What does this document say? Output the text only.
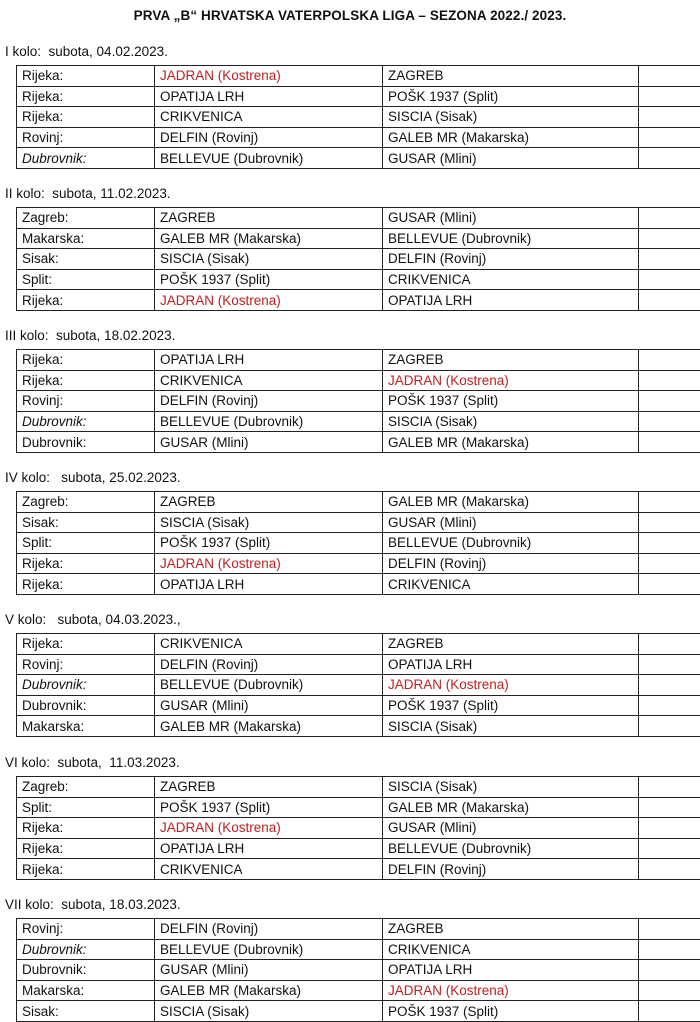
PRVA „B“ HRVATSKA VATERPOLSKA LIGA – SEZONA 2022./ 2023.
I kolo:  subota, 04.02.2023.
Rijeka:	JADRAN (Kostrena)	ZAGREB	
Rijeka:	OPATIJA LRH	POŠK 1937 (Split)	
Rijeka:	CRIKVENICA	SISCIA (Sisak)	
Rovinj:	DELFIN (Rovinj)	GALEB MR (Makarska)	
Dubrovnik:	BELLEVUE (Dubrovnik)	GUSAR (Mlini)	
II kolo:  subota, 11.02.2023.
Zagreb:	ZAGREB	GUSAR (Mlini)	
Makarska:	GALEB MR (Makarska)	BELLEVUE (Dubrovnik)	
Sisak:	SISCIA (Sisak)	DELFIN (Rovinj)	
Split:	POŠK 1937 (Split)	CRIKVENICA	
Rijeka:	JADRAN (Kostrena)	OPATIJA LRH	
III kolo:  subota, 18.02.2023.
Rijeka:	OPATIJA LRH	ZAGREB	
Rijeka:	CRIKVENICA	JADRAN (Kostrena)	
Rovinj:	DELFIN (Rovinj)	POŠK 1937 (Split)	
Dubrovnik:	BELLEVUE (Dubrovnik)	SISCIA (Sisak)	
Dubrovnik:	GUSAR (Mlini)	GALEB MR (Makarska)	
IV kolo:   subota, 25.02.2023.
Zagreb:	ZAGREB	GALEB MR (Makarska)	
Sisak:	SISCIA (Sisak)	GUSAR (Mlini)	
Split:	POŠK 1937 (Split)	BELLEVUE (Dubrovnik)	
Rijeka:	JADRAN (Kostrena)	DELFIN (Rovinj)	
Rijeka:	OPATIJA LRH	CRIKVENICA	
V kolo:   subota, 04.03.2023.,
Rijeka:	CRIKVENICA	ZAGREB	
Rovinj:	DELFIN (Rovinj)	OPATIJA LRH	
Dubrovnik:	BELLEVUE (Dubrovnik)	JADRAN (Kostrena)	
Dubrovnik:	GUSAR (Mlini)	POŠK 1937 (Split)	
Makarska:	GALEB MR (Makarska)	SISCIA (Sisak)	
VI kolo:  subota,  11.03.2023.
Zagreb:	ZAGREB	SISCIA (Sisak)	
Split:	POŠK 1937 (Split)	GALEB MR (Makarska)	
Rijeka:	JADRAN (Kostrena)	GUSAR (Mlini)	
Rijeka:	OPATIJA LRH	BELLEVUE (Dubrovnik)	
Rijeka:	CRIKVENICA	DELFIN (Rovinj)	
VII kolo:  subota, 18.03.2023.
Rovinj:	DELFIN (Rovinj)	ZAGREB	
Dubrovnik:	BELLEVUE (Dubrovnik)	CRIKVENICA	
Dubrovnik:	GUSAR (Mlini)	OPATIJA LRH	
Makarska:	GALEB MR (Makarska)	JADRAN (Kostrena)	
Sisak:	SISCIA (Sisak)	POŠK 1937 (Split)	
